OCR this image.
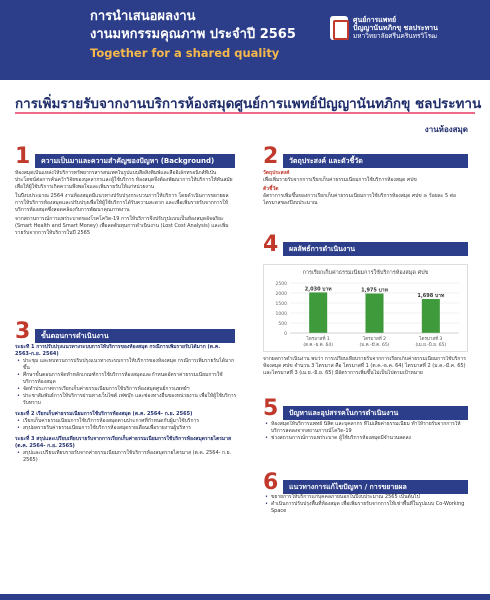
การนำเสนอผลงาน
งานมหกรรมคุณภาพ ประจำปี 2565
Together for a shared quality
ศูนย์การแพทย์
ปัญญานันทภิกขุ ชลประทาน
มหาวิทยาลัยศรีนครินทรวิโรฒ
การเพิ่มรายรับจากงานบริการห้องสมุดศูนย์การแพทย์ปัญญานันทภิกขุ ชลประทาน
งานห้องสมุด
1	ความเป็นมาและความสำคัญของปัญหา (Background)

ห้องสมุดเป็นแหล่งให้บริการทรัพยากรสารสนเทศในรูปแบบสื่อสิ่งพิมพ์และสื่ออิเล็กทรอนิกส์ที่เป็นประโยชน์ต่อการค้นคว้าวิจัยของบุคลากรและผู้ใช้บริการ ห้องสมุดจึงต้องพัฒนาการให้บริการให้ทันสมัย เพื่อให้ผู้ใช้บริการเกิดความพึงพอใจและเพิ่มรายรับให้แก่หน่วยงาน

ในปีงบประมาณ 2564 งานห้องสมุดมีแนวทางปรับปรุงกระบวนการให้บริการ โดยดำเนินการขยายผลการให้บริการห้องสมุดและปรับปรุงเพื่อให้ผู้ใช้บริการได้รับความสะดวก และเพื่อเพิ่มรายรับจากการให้บริการห้องสมุดซึ่งสอดคล้องกับการพัฒนาคุณภาพงาน

จากสถานการณ์การแพร่ระบาดของโรคโควิด-19 การให้บริการจึงปรับรูปแบบเป็นห้องสมุดอัจฉริยะ (Smart Health and Smart Money) เพื่อลดต้นทุนการดำเนินงาน (Lost Cost Analysis) และเพิ่มรายรับจากการให้บริการในปี 2565

2	วัตถุประสงค์ และตัวชี้วัด
วัตถุประสงค์

เพื่อเพิ่มรายรับจากการเรียกเก็บค่าธรรมเนียมการใช้บริการห้องสมุด ศปข

ตัวชี้วัด

อัตราการเพิ่มขึ้นของการเรียกเก็บค่าธรรมเนียมการใช้บริการห้องสมุด ศปข ≥ ร้อยละ 5 ต่อไตรมาสของปีงบประมาณ

3	ขั้นตอนการดำเนินงาน
ระยะที่ 1 การปรับปรุงแนวทางระบบการให้บริการของห้องสมุด กรณีการเพิ่มรายรับได้มาก (ต.ค. 2563-ก.ย. 2564)
• ประชุม และทบทวนการปรับปรุงแนวทางระบบการให้บริการของห้องสมุด กรณีการเพิ่มรายรับได้มากขึ้น
• ศึกษาขั้นตอนการจัดทำหลักเกณฑ์การใช้บริการห้องสมุดและกำหนดอัตราค่าธรรมเนียมการใช้บริการห้องสมุด
• จัดทำประกาศการเรียกเก็บค่าธรรมเนียมการใช้บริการห้องสมุดศูนย์การแพทย์ฯ
• ประชาสัมพันธ์การให้บริการผ่านทางเว็บไซต์ เฟซบุ๊ก และช่องทางอื่นของหน่วยงาน เพื่อให้ผู้ใช้บริการรับทราบ
ระยะที่ 2 เรียกเก็บค่าธรรมเนียมการใช้บริการห้องสมุด (ต.ค. 2564- ก.ย. 2565)
• เรียกเก็บค่าธรรมเนียมการใช้บริการห้องสมุดตามประกาศที่กำหนดกับผู้มาใช้บริการ
• สรุปผลรายรับค่าธรรมเนียมการใช้บริการห้องสมุดรายเดือนเพื่อรายงานผู้บริหาร
ระยะที่ 3 สรุปและเปรียบเทียบรายรับจากการเรียกเก็บค่าธรรมเนียมการใช้บริการห้องสมุดรายไตรมาส (ต.ค. 2564- ก.ย. 2565)
• สรุปและเปรียบเทียบรายรับจากค่าธรรมเนียมการใช้บริการห้องสมุดรายไตรมาส (ต.ค. 2564- ก.ย. 2565)
4	ผลลัพธ์การดำเนินงาน
การเรียกเก็บค่าธรรมเนียมการใช้บริการห้องสมุด ศปข
0
500
1000
1500
2000
2500
2,030 บาท
ไตรมาสที่ 1
(ต.ค.-ธ.ค. 64)
1,975 บาท
ไตรมาสที่ 2
(ม.ค.-มี.ค. 65)
1,698 บาท
ไตรมาสที่ 3
(เม.ย.-มิ.ย. 65)
จากผลการดำเนินงาน พบว่า การเปรียบเทียบรายรับจากการเรียกเก็บค่าธรรมเนียมการใช้บริการห้องสมุด ศปข จำนวน 3 ไตรมาส คือ ไตรมาสที่ 1 (ต.ค.-ธ.ค. 64) ไตรมาสที่ 2 (ม.ค.-มี.ค. 65) และไตรมาสที่ 3 (เม.ย.-มิ.ย. 65) มีอัตราการเพิ่มขึ้นไม่เป็นไปตามเป้าหมาย
5	ปัญหาและอุปสรรคในการดำเนินงาน
• ห้องสมุดให้บริการแพทย์ นิสิต และบุคลากร ที่ไม่เสียค่าธรรมเนียม ทำให้รายรับจากการให้บริการลดลงจากสถานการณ์โควิด-19
• ช่วงสถานการณ์การแพร่ระบาด ผู้ใช้บริการห้องสมุดมีจำนวนลดลง
6	แนวทางการแก้ไขปัญหา / การขยายผล
• ขยายการให้บริการแก่บุคคลภายนอกในปีงบประมาณ 2565 เป็นต้นไป
• ดำเนินการปรับปรุงพื้นที่ห้องสมุด เพื่อเพิ่มรายรับจากการให้เช่าพื้นที่ในรูปแบบ Co-Working Space
